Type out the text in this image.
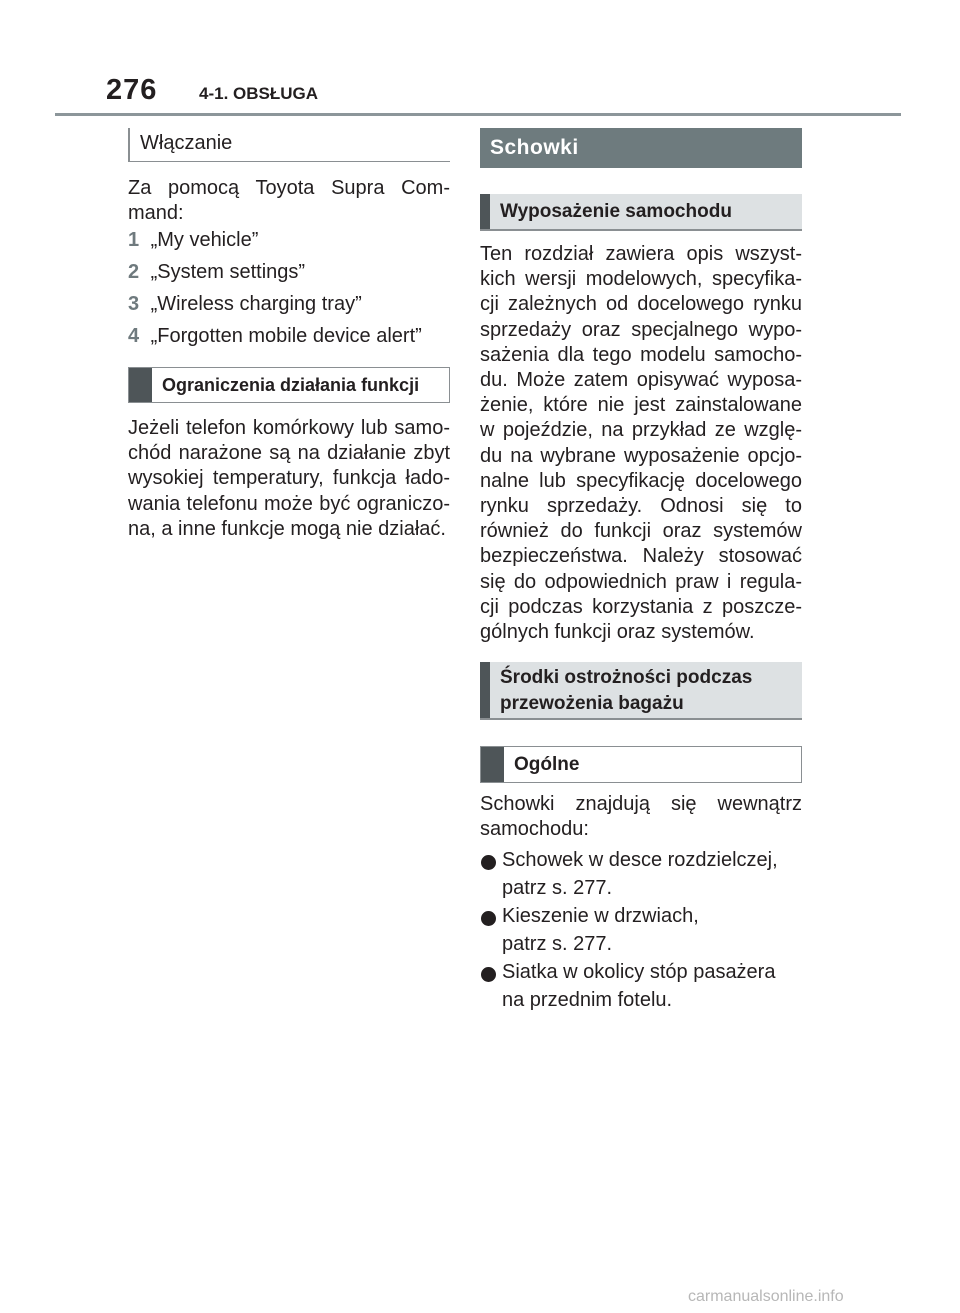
276 4-1. OBSŁUGA
Włączanie

Za pomocą Toyota Supra Com-mand:

1 „My vehicle”
2 „System settings”
3 „Wireless charging tray”
4 „Forgotten mobile device alert”
Ograniczenia działania funkcji

Jeżeli telefon komórkowy lub samo-chód narażone są na działanie zbyt wysokiej temperatury, funkcja łado-wania telefonu może być ograniczo-na, a inne funkcje mogą nie działać.

Schowki
Wyposażenie samochodu

Ten rozdział zawiera opis wszyst-kich wersji modelowych, specyfika-cji zależnych od docelowego rynku sprzedaży oraz specjalnego wypo-sażenia dla tego modelu samocho-du. Może zatem opisywać wyposa-żenie, które nie jest zainstalowane w pojeździe, na przykład ze wzglę-du na wybrane wyposażenie opcjo-nalne lub specyfikację docelowego rynku sprzedaży. Odnosi się to również do funkcji oraz systemów bezpieczeństwa. Należy stosować się do odpowiednich praw i regula-cji podczas korzystania z poszcze-gólnych funkcji oraz systemów.

Środki ostrożności podczas
przewożenia bagażu
Ogólne

Schowki znajdują się wewnątrz samochodu:

Schowek w desce rozdzielczej,
patrz s. 277.
Kieszenie w drzwiach,
patrz s. 277.
Siatka w okolicy stóp pasażera
na przednim fotelu.
carmanualsonline.info
